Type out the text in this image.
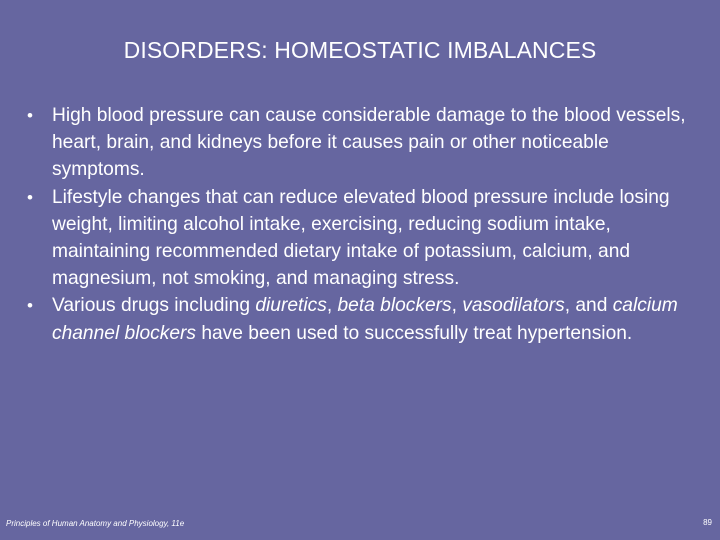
DISORDERS: HOMEOSTATIC IMBALANCES
• High blood pressure can cause considerable damage to the blood vessels, heart, brain, and kidneys before it causes pain or other noticeable symptoms.
• Lifestyle changes that can reduce elevated blood pressure include losing weight, limiting alcohol intake, exercising, reducing sodium intake, maintaining recommended dietary intake of potassium, calcium, and magnesium, not smoking, and managing stress.
• Various drugs including diuretics, beta blockers, vasodilators, and calcium channel blockers have been used to successfully treat hypertension.
Principles of Human Anatomy and Physiology, 11e	89
